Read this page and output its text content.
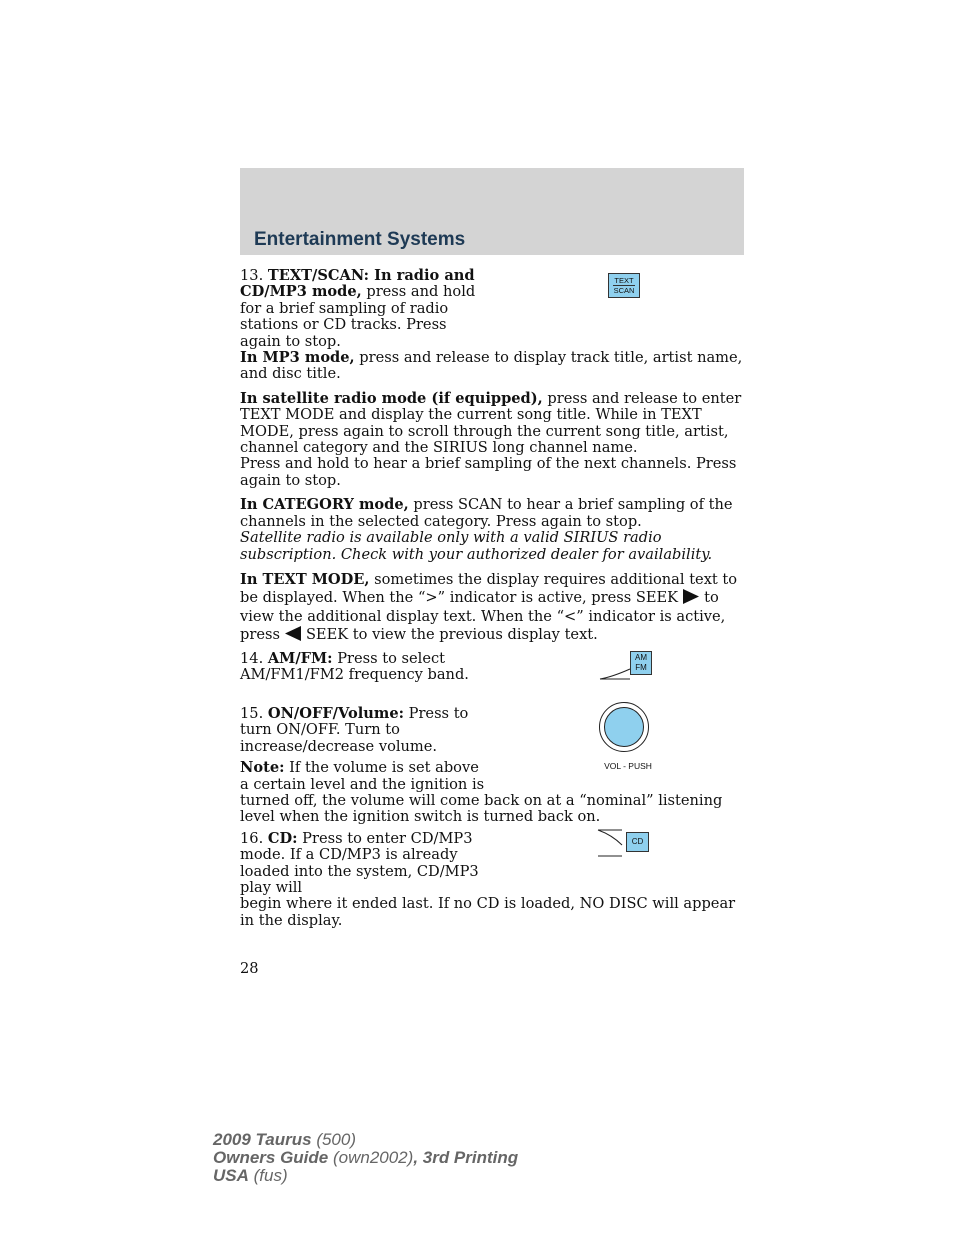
Entertainment Systems

13. TEXT/SCAN: In radio and CD/MP3 mode, press and hold for a brief sampling of radio stations or CD tracks. Press again to stop.

TEXT
SCAN

In MP3 mode, press and release to display track title, artist name, and disc title.

In satellite radio mode (if equipped), press and release to enter TEXT MODE and display the current song title. While in TEXT MODE, press again to scroll through the current song title, artist, channel category and the SIRIUS long channel name.

Press and hold to hear a brief sampling of the next channels. Press again to stop.

In CATEGORY mode, press SCAN to hear a brief sampling of the channels in the selected category. Press again to stop.

Satellite radio is available only with a valid SIRIUS radio subscription. Check with your authorized dealer for availability.

In TEXT MODE, sometimes the display requires additional text to be displayed. When the “>” indicator is active, press SEEK to view the additional display text. When the “<” indicator is active, press SEEK to view the previous display text.

14. AM/FM: Press to select AM/FM1/FM2 frequency band.

AM
FM

15. ON/OFF/Volume: Press to turn ON/OFF. Turn to increase/decrease volume.

Note: If the volume is set above a certain level and the ignition is

turned off, the volume will come back on at a “nominal” listening level when the ignition switch is turned back on.

VOL - PUSH

16. CD: Press to enter CD/MP3 mode. If a CD/MP3 is already loaded into the system, CD/MP3 play will

begin where it ended last. If no CD is loaded, NO DISC will appear in the display.

CD
28
2009 Taurus (500)
Owners Guide (own2002), 3rd Printing
USA (fus)
